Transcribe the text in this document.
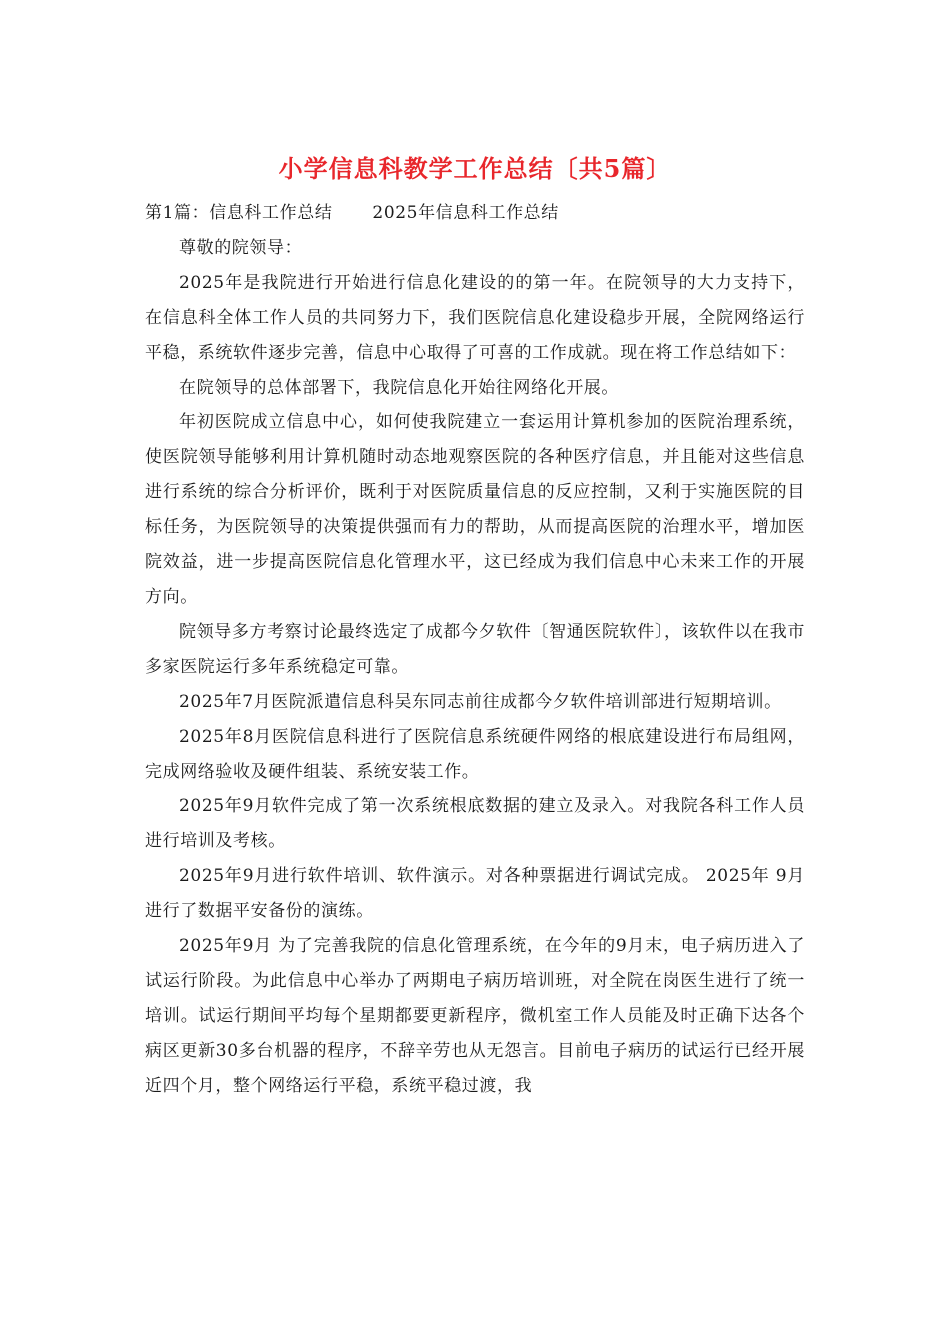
小学信息科教学工作总结〔共5篇〕

第1篇：信息科工作总结 2025年信息科工作总结

尊敬的院领导：

2025年是我院进行开始进行信息化建设的的第一年。在院领导的大力支持下，在信息科全体工作人员的共同努力下，我们医院信息化建设稳步开展，全院网络运行平稳，系统软件逐步完善，信息中心取得了可喜的工作成就。现在将工作总结如下：

在院领导的总体部署下，我院信息化开始往网络化开展。

年初医院成立信息中心，如何使我院建立一套运用计算机参加的医院治理系统，使医院领导能够利用计算机随时动态地观察医院的各种医疗信息，并且能对这些信息进行系统的综合分析评价，既利于对医院质量信息的反应控制，又利于实施医院的目标任务，为医院领导的决策提供强而有力的帮助，从而提高医院的治理水平，增加医院效益，进一步提高医院信息化管理水平，这已经成为我们信息中心未来工作的开展方向。

院领导多方考察讨论最终选定了成都今夕软件〔智通医院软件〕，该软件以在我市多家医院运行多年系统稳定可靠。

2025年7月医院派遣信息科吴东同志前往成都今夕软件培训部进行短期培训。

2025年8月医院信息科进行了医院信息系统硬件网络的根底建设进行布局组网，完成网络验收及硬件组装、系统安装工作。

2025年9月软件完成了第一次系统根底数据的建立及录入。对我院各科工作人员进行培训及考核。

2025年9月进行软件培训、软件演示。对各种票据进行调试完成。 2025年 9月进行了数据平安备份的演练。

2025年9月 为了完善我院的信息化管理系统，在今年的9月末，电子病历进入了试运行阶段。为此信息中心举办了两期电子病历培训班，对全院在岗医生进行了统一培训。试运行期间平均每个星期都要更新程序，微机室工作人员能及时正确下达各个病区更新30多台机器的程序，不辞辛劳也从无怨言。目前电子病历的试运行已经开展近四个月，整个网络运行平稳，系统平稳过渡，我
